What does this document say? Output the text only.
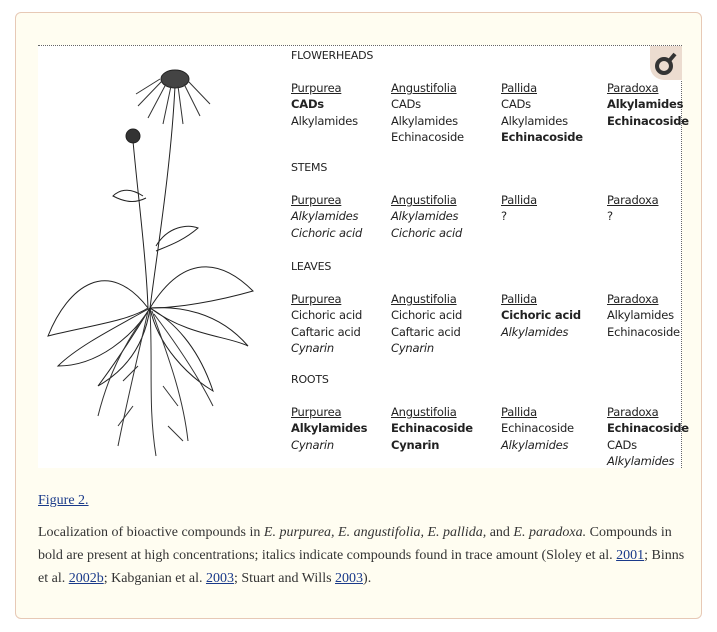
FLOWERHEADS
Purpurea
CADs
Alkylamides
Angustifolia
CADs
Alkylamides
Echinacoside
Pallida
CADs
Alkylamides
Echinacoside
Paradoxa
Alkylamides
Echinacoside
STEMS
Purpurea
Alkylamides
Cichoric acid
Angustifolia
Alkylamides
Cichoric acid
Pallida
?
Paradoxa
?
LEAVES
Purpurea
Cichoric acid
Caftaric acid
Cynarin
Angustifolia
Cichoric acid
Caftaric acid
Cynarin
Pallida
Cichoric acid
Alkylamides
Paradoxa
Alkylamides
Echinacoside
ROOTS
Purpurea
Alkylamides
Cynarin
Angustifolia
Echinacoside
Cynarin
Pallida
Echinacoside
Alkylamides
Paradoxa
Echinacoside
CADs
Alkylamides
Figure 2.
Localization of bioactive compounds in E. purpurea, E. angustifolia, E. pallida, and E. paradoxa. Compounds in bold are present at high concentrations; italics indicate compounds found in trace amount (Sloley et al. 2001; Binns et al. 2002b; Kabganian et al. 2003; Stuart and Wills 2003).
